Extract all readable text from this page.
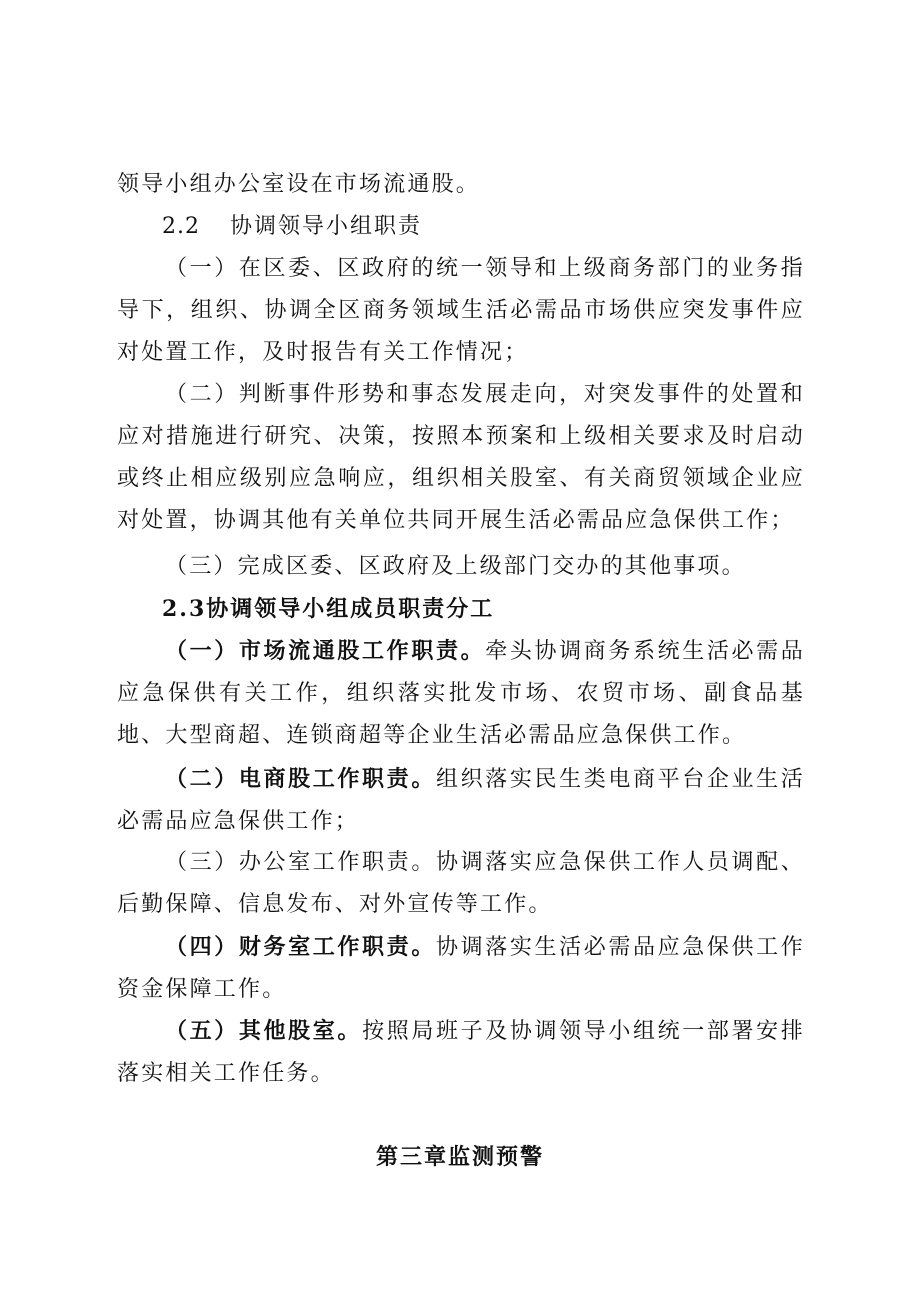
领导小组办公室设在市场流通股。

2.2 协调领导小组职责

（一）在区委、区政府的统一领导和上级商务部门的业务指导下，组织、协调全区商务领域生活必需品市场供应突发事件应对处置工作，及时报告有关工作情况；

（二）判断事件形势和事态发展走向，对突发事件的处置和应对措施进行研究、决策，按照本预案和上级相关要求及时启动或终止相应级别应急响应，组织相关股室、有关商贸领域企业应对处置，协调其他有关单位共同开展生活必需品应急保供工作；

（三）完成区委、区政府及上级部门交办的其他事项。

2.3协调领导小组成员职责分工

（一）市场流通股工作职责。牵头协调商务系统生活必需品应急保供有关工作，组织落实批发市场、农贸市场、副食品基地、大型商超、连锁商超等企业生活必需品应急保供工作。

（二）电商股工作职责。组织落实民生类电商平台企业生活必需品应急保供工作；

（三）办公室工作职责。协调落实应急保供工作人员调配、后勤保障、信息发布、对外宣传等工作。

（四）财务室工作职责。协调落实生活必需品应急保供工作资金保障工作。

（五）其他股室。按照局班子及协调领导小组统一部署安排落实相关工作任务。

第三章监测预警
